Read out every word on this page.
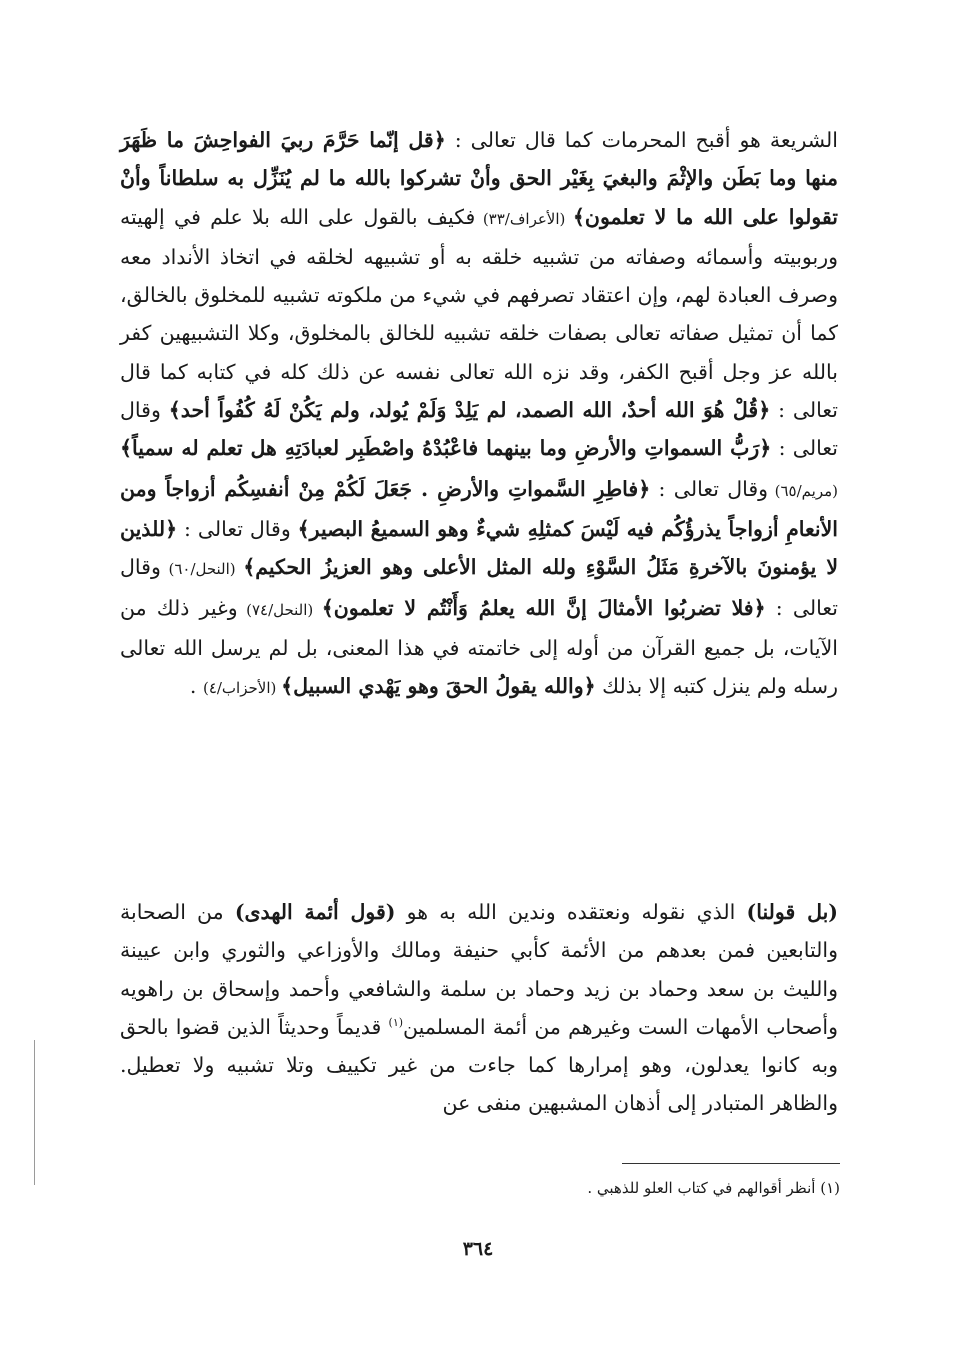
الشريعة هو أقبح المحرمات كما قال تعالى : ﴿قل إنّما حَرَّمَ ربيَ الفواحِشَ ما ظَهَرَ منها وما بَطَن والإثْمَ والبغيَ بِغَيْر الحق وأنْ تشركوا بالله ما لم يُنَزِّل به سلطاناً وأنْ تقولوا على الله ما لا تعلمون﴾ (الأعراف/٣٣) فكيف بالقول على الله بلا علم في إلهيته وربوبيته وأسمائه وصفاته من تشبيه خلقه به أو تشبيهه لخلقه في اتخاذ الأنداد معه وصرف العبادة لهم، وإن اعتقاد تصرفهم في شيء من ملكوته تشبيه للمخلوق بالخالق، كما أن تمثيل صفاته تعالى بصفات خلقه تشبيه للخالق بالمخلوق، وكلا التشبيهين كفر بالله عز وجل أقبح الكفر، وقد نزه الله تعالى نفسه عن ذلك كله في كتابه كما قال تعالى : ﴿قُلْ هُوَ الله أحدٌ، الله الصمد، لم يَلِدْ وَلَمْ يُولد، ولم يَكُنْ لَهُ كُفُواً أحد﴾ وقال تعالى : ﴿رَبُّ السمواتِ والأرضِ وما بينهما فاعْبُدْهُ واصْطَبِر لعبادَتِهِ هل تعلم له سمياً﴾ (مريم/٦٥) وقال تعالى : ﴿فاطِرِ السَّمواتِ والأرضِ . جَعَلَ لَكُمْ مِنْ أنفسِكُم أزواجاً ومن الأنعامِ أزواجاً يذرؤُكُم فيه لَيْسَ كمثلِهِ شيءٌ وهو السميعُ البصير﴾ وقال تعالى : ﴿للذين لا يؤمنونَ بالآخرةِ مَثَلُ السَّوْءِ ولله المثل الأعلى وهو العزيزُ الحكيم﴾ (النحل/٦٠) وقال تعالى : ﴿فلا تضربُوا الأمثالَ إنَّ الله يعلمُ وَأَنْتُم لا تعلمون﴾ (النحل/٧٤) وغير ذلك من الآيات، بل جميع القرآن من أوله إلى خاتمته في هذا المعنى، بل لم يرسل الله تعالى رسله ولم ينزل كتبه إلا بذلك ﴿والله يقولُ الحقَ وهو يَهْدي السبيل﴾ (الأحزاب/٤) .

(بل قولنا) الذي نقوله ونعتقده وندين الله به هو (قول أئمة الهدى) من الصحابة والتابعين فمن بعدهم من الأئمة كأبي حنيفة ومالك والأوزاعي والثوري وابن عيينة والليث بن سعد وحماد بن زيد وحماد بن سلمة والشافعي وأحمد وإسحاق بن راهويه وأصحاب الأمهات الست وغيرهم من أئمة المسلمين$^{(١)}$ قديماً وحديثاً الذين قضوا بالحق وبه كانوا يعدلون، وهو إمرارها كما جاءت من غير تكييف وتلا تشبيه ولا تعطيل. والظاهر المتبادر إلى أذهان المشبهين منفى عن

(١) أنظر أقوالهم في كتاب العلو للذهبي .
٣٦٤
